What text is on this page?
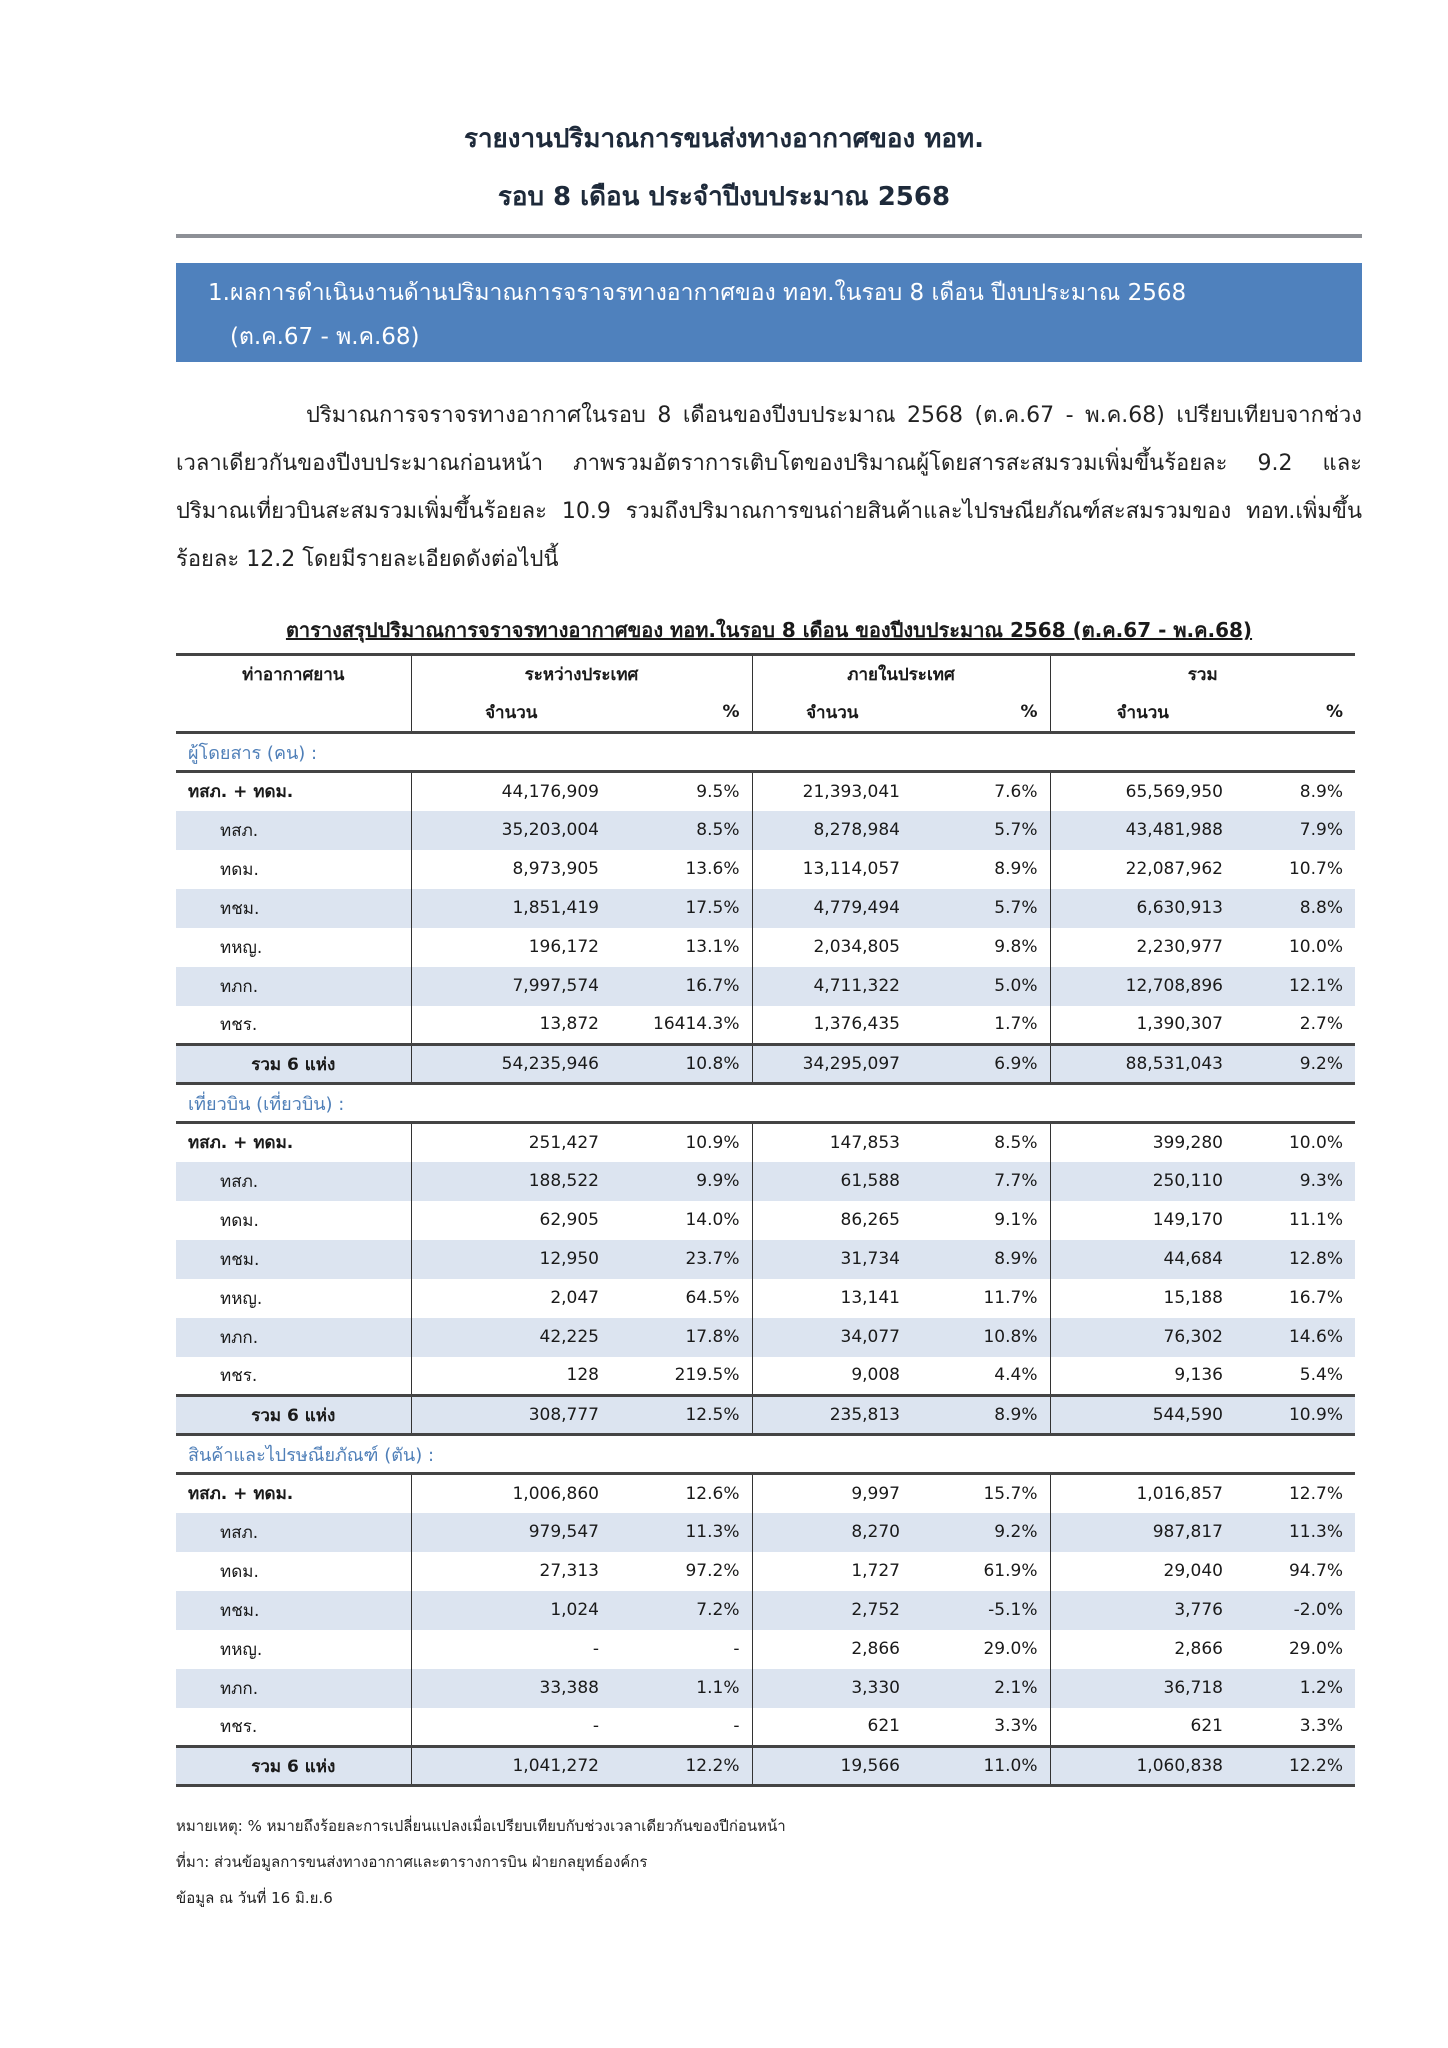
รายงานปริมาณการขนส่งทางอากาศของ ทอท.
รอบ 8 เดือน ประจำปีงบประมาณ 2568
1.ผลการดำเนินงานด้านปริมาณการจราจรทางอากาศของ ทอท.ในรอบ 8 เดือน ปีงบประมาณ 2568
(ต.ค.67 - พ.ค.68)
ปริมาณการจราจรทางอากาศในรอบ 8 เดือนของปีงบประมาณ 2568 (ต.ค.67 - พ.ค.68) เปรียบเทียบจากช่วงเวลาเดียวกันของปีงบประมาณก่อนหน้า ภาพรวมอัตราการเติบโตของปริมาณผู้โดยสารสะสมรวมเพิ่มขึ้นร้อยละ 9.2 และปริมาณเที่ยวบินสะสมรวมเพิ่มขึ้นร้อยละ 10.9 รวมถึงปริมาณการขนถ่ายสินค้าและไปรษณียภัณฑ์สะสมรวมของ ทอท.เพิ่มขึ้นร้อยละ 12.2 โดยมีรายละเอียดดังต่อไปนี้
ตารางสรุปปริมาณการจราจรทางอากาศของ ทอท.ในรอบ 8 เดือน ของปีงบประมาณ 2568 (ต.ค.67 - พ.ค.68)
ท่าอากาศยาน	ระหว่างประเทศ		ภายในประเทศ		รวม	
	จำนวน	%	จำนวน	%	จำนวน	%
ผู้โดยสาร (คน) :						
ทสภ. + ทดม.	44,176,909	9.5%	21,393,041	7.6%	65,569,950	8.9%
ทสภ.	35,203,004	8.5%	8,278,984	5.7%	43,481,988	7.9%
ทดม.	8,973,905	13.6%	13,114,057	8.9%	22,087,962	10.7%
ทชม.	1,851,419	17.5%	4,779,494	5.7%	6,630,913	8.8%
ทหญ.	196,172	13.1%	2,034,805	9.8%	2,230,977	10.0%
ทภก.	7,997,574	16.7%	4,711,322	5.0%	12,708,896	12.1%
ทชร.	13,872	16414.3%	1,376,435	1.7%	1,390,307	2.7%
รวม 6 แห่ง	54,235,946	10.8%	34,295,097	6.9%	88,531,043	9.2%
เที่ยวบิน (เที่ยวบิน) :						
ทสภ. + ทดม.	251,427	10.9%	147,853	8.5%	399,280	10.0%
ทสภ.	188,522	9.9%	61,588	7.7%	250,110	9.3%
ทดม.	62,905	14.0%	86,265	9.1%	149,170	11.1%
ทชม.	12,950	23.7%	31,734	8.9%	44,684	12.8%
ทหญ.	2,047	64.5%	13,141	11.7%	15,188	16.7%
ทภก.	42,225	17.8%	34,077	10.8%	76,302	14.6%
ทชร.	128	219.5%	9,008	4.4%	9,136	5.4%
รวม 6 แห่ง	308,777	12.5%	235,813	8.9%	544,590	10.9%
สินค้าและไปรษณียภัณฑ์ (ตัน) :						
ทสภ. + ทดม.	1,006,860	12.6%	9,997	15.7%	1,016,857	12.7%
ทสภ.	979,547	11.3%	8,270	9.2%	987,817	11.3%
ทดม.	27,313	97.2%	1,727	61.9%	29,040	94.7%
ทชม.	1,024	7.2%	2,752	-5.1%	3,776	-2.0%
ทหญ.	-	-	2,866	29.0%	2,866	29.0%
ทภก.	33,388	1.1%	3,330	2.1%	36,718	1.2%
ทชร.	-	-	621	3.3%	621	3.3%
รวม 6 แห่ง	1,041,272	12.2%	19,566	11.0%	1,060,838	12.2%
หมายเหตุ: % หมายถึงร้อยละการเปลี่ยนแปลงเมื่อเปรียบเทียบกับช่วงเวลาเดียวกันของปีก่อนหน้า
ที่มา: ส่วนข้อมูลการขนส่งทางอากาศและตารางการบิน ฝ่ายกลยุทธ์องค์กร
ข้อมูล ณ วันที่ 16 มิ.ย.6
